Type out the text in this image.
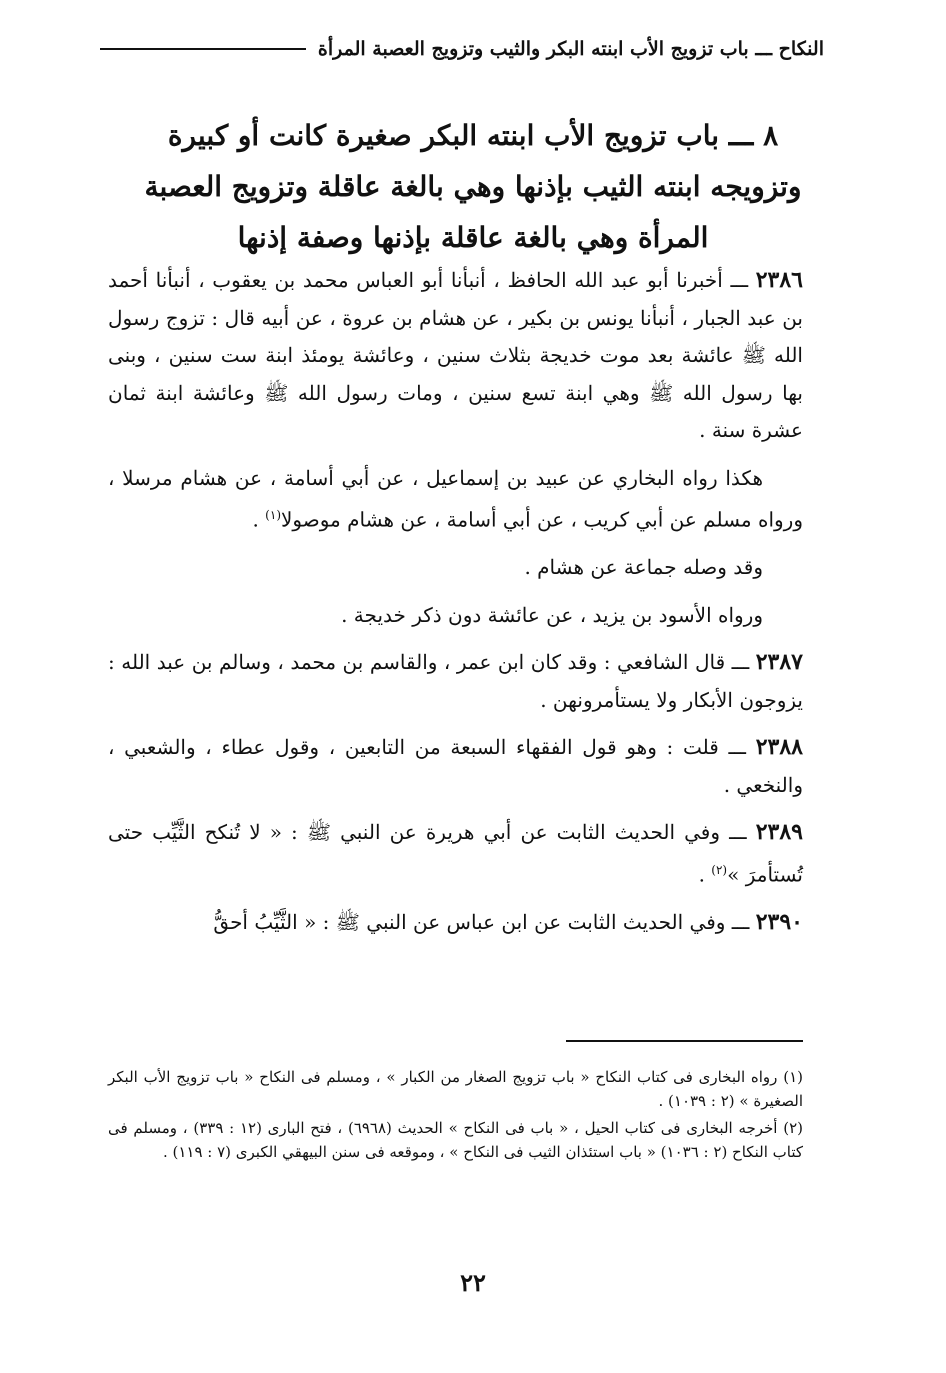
النكاح ـــ باب تزويج الأب ابنته البكر والثيب وتزويج العصبة المرأة
٨ ـــ باب تزويج الأب ابنته البكر صغيرة كانت أو كبيرة وتزويجه ابنته الثيب بإذنها وهي بالغة عاقلة وتزويج العصبة المرأة وهي بالغة عاقلة بإذنها وصفة إذنها

٢٣٨٦ ـــ أخبرنا أبو عبد الله الحافظ ، أنبأنا أبو العباس محمد بن يعقوب ، أنبأنا أحمد بن عبد الجبار ، أنبأنا يونس بن بكير ، عن هشام بن عروة ، عن أبيه قال : تزوج رسول الله ﷺ عائشة بعد موت خديجة بثلاث سنين ، وعائشة يومئذ ابنة ست سنين ، وبنى بها رسول الله ﷺ وهي ابنة تسع سنين ، ومات رسول الله ﷺ وعائشة ابنة ثمان عشرة سنة .

هكذا رواه البخاري عن عبيد بن إسماعيل ، عن أبي أسامة ، عن هشام مرسلا ، ورواه مسلم عن أبي كريب ، عن أبي أسامة ، عن هشام موصولا$^{(١)}$ .

وقد وصله جماعة عن هشام .

ورواه الأسود بن يزيد ، عن عائشة دون ذكر خديجة .

٢٣٨٧ ـــ قال الشافعي : وقد كان ابن عمر ، والقاسم بن محمد ، وسالم بن عبد الله : يزوجون الأبكار ولا يستأمرونهن .

٢٣٨٨ ـــ قلت : وهو قول الفقهاء السبعة من التابعين ، وقول عطاء ، والشعبي ، والنخعي .

٢٣٨٩ ـــ وفي الحديث الثابت عن أبي هريرة عن النبي ﷺ : « لا تُنكح الثَّيِّب حتى تُستأمرَ »$^{(٢)}$ .

٢٣٩٠ ـــ وفي الحديث الثابت عن ابن عباس عن النبي ﷺ : « الثَّيِّبُ أحقُّ

(١) رواه البخارى فى كتاب النكاح « باب تزويج الصغار من الكبار » ، ومسلم فى النكاح « باب تزويج الأب البكر الصغيرة » (٢ : ١٠٣٩) .

(٢) أخرجه البخارى فى كتاب الحيل ، « باب فى النكاح » الحديث (٦٩٦٨) ، فتح البارى (١٢ : ٣٣٩) ، ومسلم فى كتاب النكاح (٢ : ١٠٣٦) « باب استئذان الثيب فى النكاح » ، وموقعه فى سنن البيهقي الكبرى (٧ : ١١٩) .

٢٢
